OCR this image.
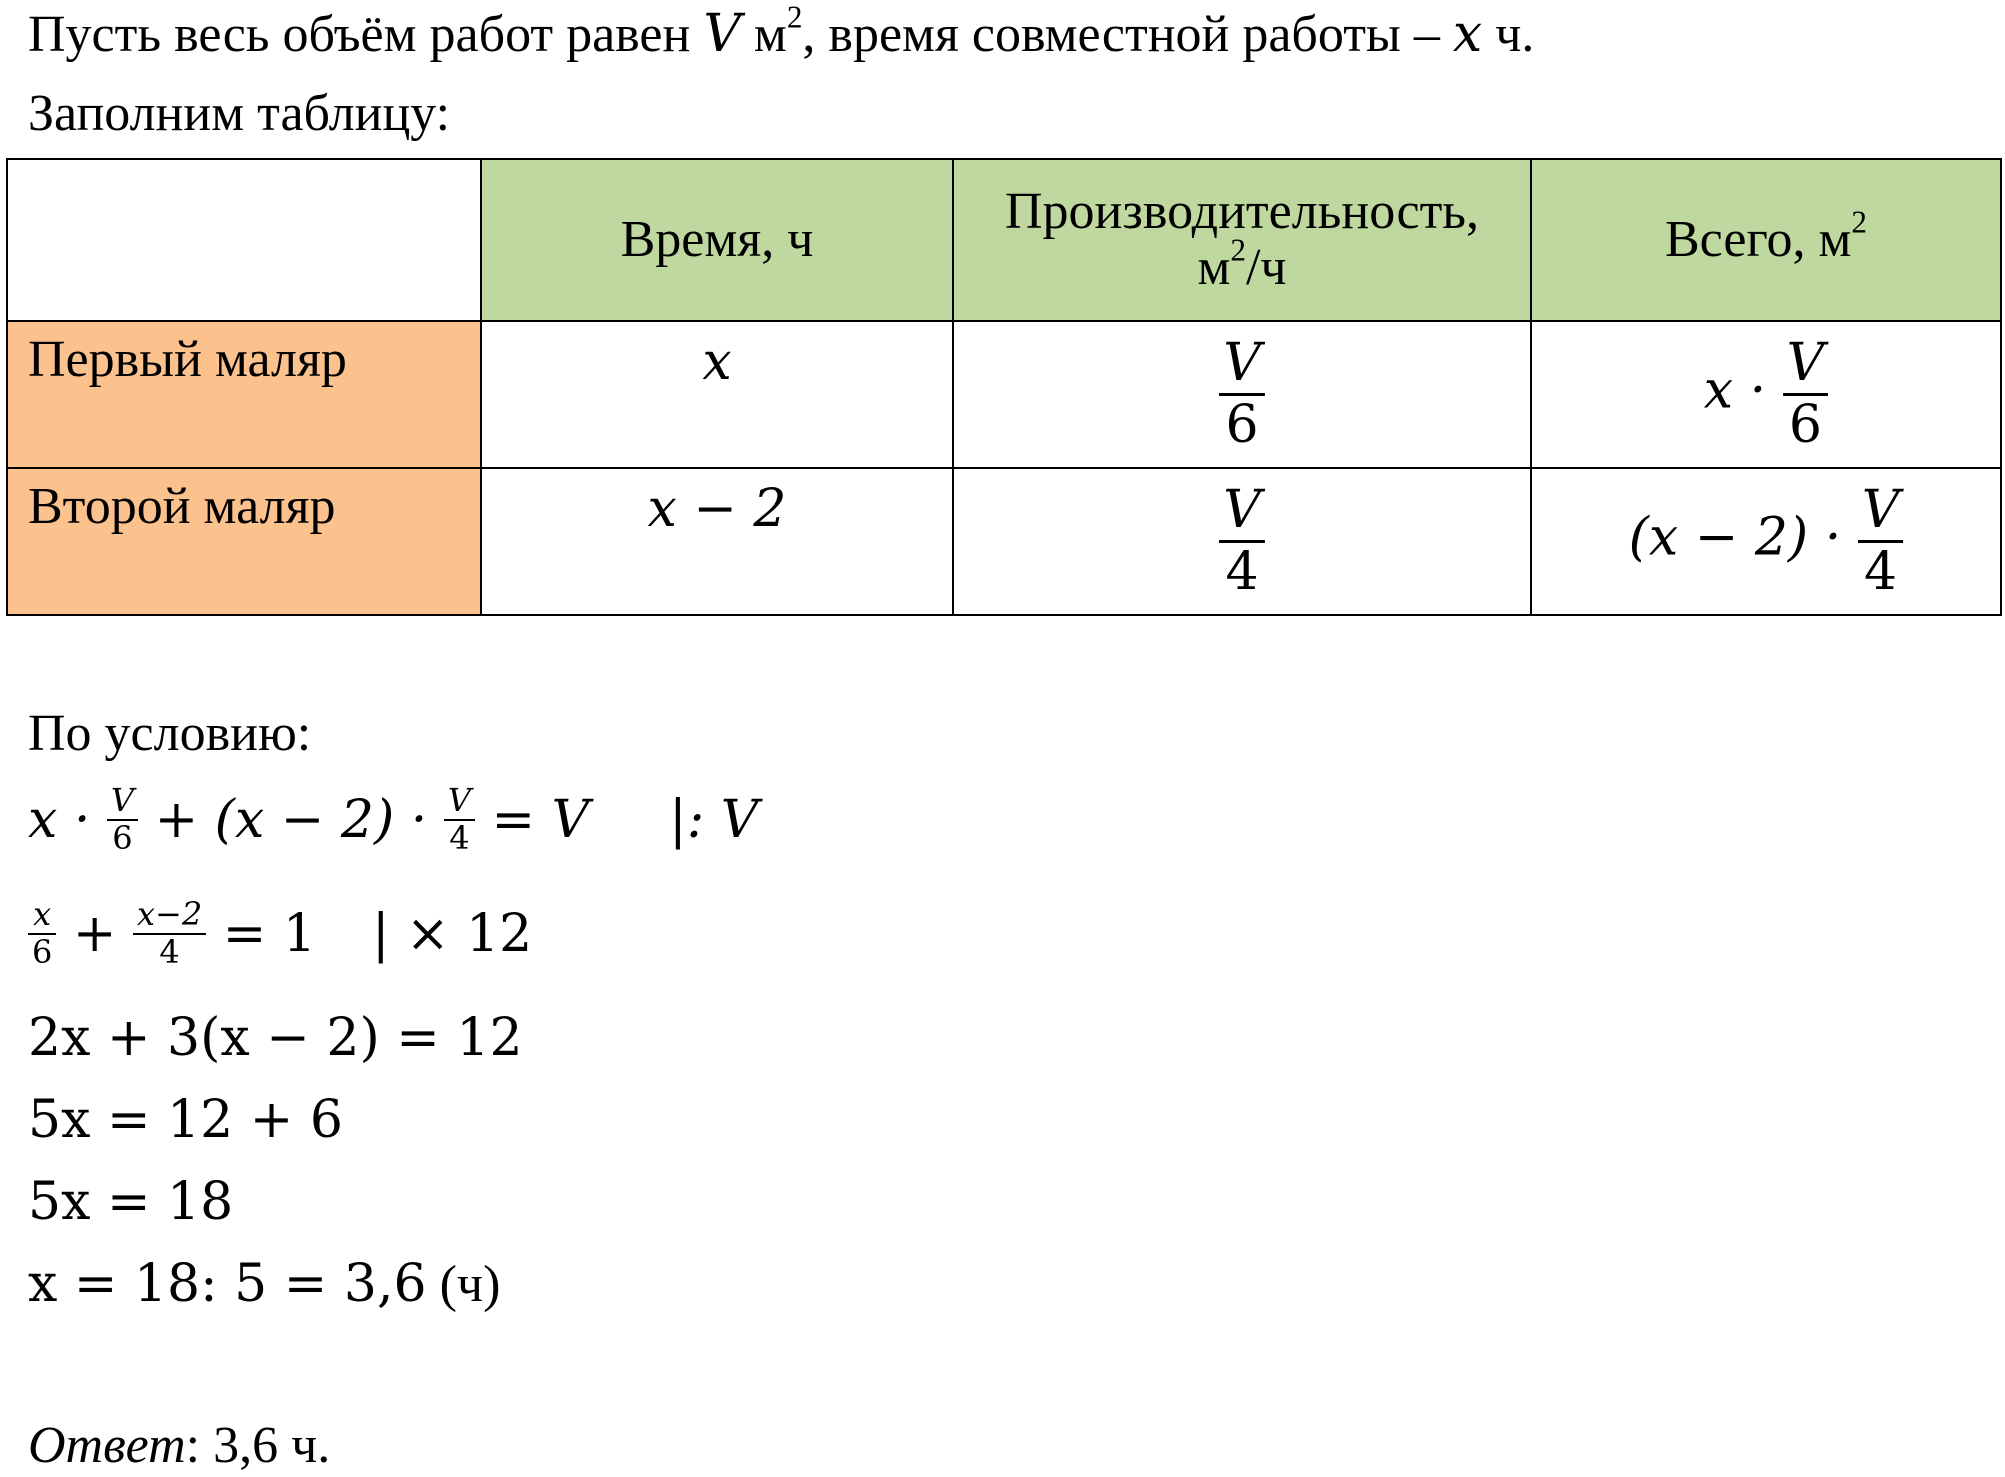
Пусть весь объём работ равен V $м^2$, время совместной работы – x ч.
Заполним таблицу:
	Время, ч	Производительность,
$м^2/ч$	Всего, $м^2$
Первый маляр	x	$\frac{V}{6}$	$x \cdot \frac{V}{6}$

Второй маляр	x − 2	$\frac{V}{4}$	$(x - 2) \cdot \frac{V}{4}$
По условию:
x ·
$\frac{V}{6}$
+ (x − 2) ·
$\frac{V}{4}$
= V |: V
$\frac{x}{6}$
+
$\frac{x-2}{4}$
= 1 | × 12
2x + 3(x − 2) = 12
5x = 12 + 6
5x = 18
x = 18: 5 = 3,6 (ч)
Ответ: 3,6 ч.
